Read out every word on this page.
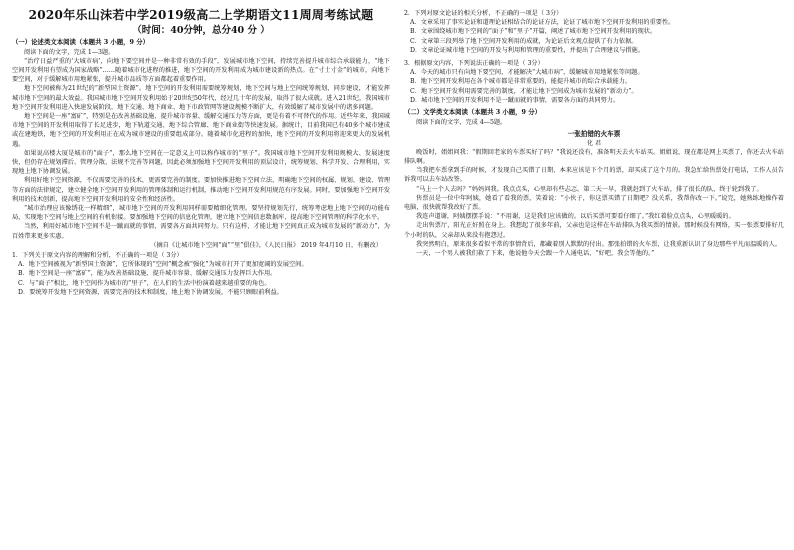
2020年乐山沫若中学2019级高二上学期语文11周周考练试题
（时间：40分钟，总分40 分 ）

（一）论述类文本阅读（本题共 3 小题，9 分）

阅读下面的文字，完成 1—3题。

“治疗日益严重的‘大城市病’，向地下要空间并是一种非常有效的手段”，发展城市地下空间，持续完善提升城市综合承载能力，“地下空间开发利用有望成为国家战略”……随着城市化进程的推进，地下空间的开发利用成为城市建设新的热点。在“寸土寸金”的城市，向地下要空间，对于缓解城市用地紧张，提升城市品质等方面都起着重要作用。

地下空间被称为21世纪的“新型国土资源”。地下空间的开发利用需要统筹规划，地下空间与地上空间统筹规划，同步建设，才能发挥城市地下空间的最大效益。我国城市地下空间开发利用始于20世纪50年代，经过几十年的发展，取得了很大成就。进入21世纪，我国城市地下空间开发利用进入快速发展阶段，地下交通、地下商业、地下市政管网等建设规模不断扩大，有效缓解了城市发展中的诸多问题。

地下空间是一座“富矿”，特别是在改善基础设施、提升城市容量、缓解交通压力等方面，更是有着不可替代的作用。近些年来，我国城市地下空间的开发利用取得了长足进步，地下轨道交通、地下综合管廊、地下商业街等快速发展。据统计，目前我国已有40多个城市建成或在建地铁，地下空间的开发利用正在成为城市建设的重要组成部分。随着城市化进程的加快，地下空间的开发利用将迎来更大的发展机遇。

如果说高楼大厦是城市的“面子”，那么地下空间在一定意义上可以称作城市的“里子”。我国城市地下空间开发利用规模大、发展速度快，但仍存在规划滞后、管理分散、法规不完善等问题，因此必须加强地下空间开发利用的顶层设计，统筹规划、科学开发、合理利用，实现地上地下协调发展。

利用好地下空间资源，不仅需要完善的技术，更需要完善的制度。要加快推进地下空间立法，明确地下空间的权属、规划、建设、管理等方面的法律规定，建立健全地下空间开发利用的管理体制和运行机制，推动地下空间开发利用规范有序发展。同时，要加强地下空间开发利用的技术创新，提高地下空间开发利用的安全性和经济性。

“城市治理应该像绣花一样精细”，城市地下空间的开发利用同样需要精细化管理。要坚持规划先行，统筹考虑地上地下空间的功能布局，实现地下空间与地上空间的有机衔接。要加强地下空间的信息化管理，建立地下空间信息数据库，提高地下空间管理的科学化水平。

当然，利用好城市地下空间不是一蹴而就的事情，需要各方面共同努力。只有这样，才能让地下空间真正成为城市发展的“新动力”，为百姓带来更多实惠。

（摘自《让城市地下空间“面”“里”俱佳》，《人民日报》 2019 年4月10 日，有删改）

1．下列关于原文内容的理解和分析，不正确的一项是（ 3分）

A．地下空间被视为“新型国土资源”，它所体现的“空间”概念被“强化”为城市打开了更加宽阔的发展空间。

B．地下空间是一座“富矿”，能为改善基础设施、提升城市容量、缓解交通压力发挥巨大作用。

C．与“面子”相比，地下空间作为城市的“里子”，在人们的生活中扮演着越来越重要的角色。

D．要统筹开发地下空间资源，需要完善的技术和制度，地上地下协调发展，不能只顾眼前利益。

2．下列对原文论证的相关分析，不正确的一项是（ 3分）

A．文章采用了事实论证和道理论证相结合的论证方法，论证了城市地下空间开发利用的重要性。

B．文章围绕城市地下空间的“面子”和“里子”开篇，阐述了城市地下空间开发利用的现状。

C．文章第三段列举了地下空间开发利用的成就，为论证后文观点提供了有力依据。

D．文章论证城市地下空间的开发与利用和管理的重要性，并提出了合理建议与措施。

3．根据原文内容，下列说法正确的一项是（ 3分）

A．今天的城市只有向地下要空间，才能解决“大城市病”，缓解城市用地紧张等问题。

B．地下空间开发利用在各个城市都是非常重要的，能提升城市的综合承载能力。

C．地下空间开发利用需要完善的制度，才能让地下空间成为城市发展的“新动力”。

D．城市地下空间的开发利用不是一蹴而就的事情，需要各方面的共同努力。

（二）文学类文本阅读（本题共 3 小题，9 分）

阅读下面的文字，完成 4—5题。

一张拍错的火车票

化 君

晚饭时，姐姐问我：“假期回老家的车票买好了吗？”我说还没有，准备明天去火车站买。姐姐说，现在都是网上买票了，你还去火车站排队啊。

当我把车票拿到手的时候，才发现自己买错了日期，本来应该是下个月的票，却买成了这个月的。我急忙给售票处打电话，工作人员告诉我可以去车站改签。

“马上一个人去吗？”妈妈问我。我点点头，心里却有些忐忑。第二天一早，我就赶到了火车站，排了很长的队，终于轮到我了。

售票员是一位中年阿姨，她看了看我的票，笑着说：“小伙子，你这票买错了日期吧？没关系，我帮你改一下。”说完，她熟练地操作着电脑，很快就帮我改好了票。

我连声道谢，阿姨摆摆手说：“不用谢，这是我们应该做的。以后买票可要看仔细了。”我红着脸点点头，心里暖暖的。

走出售票厅，阳光正好照在身上。我想起了很多年前，父亲也是这样在车站排队为我买票的情景。那时候没有网络，买一张票要排好几个小时的队，父亲却从来没有抱怨过。

我突然明白，原来很多看似平常的事情背后，都藏着别人默默的付出。那张拍错的火车票，让我重新认识了身边那些平凡而温暖的人。

一天，一个男人被我们救了下来，他说他今天会跟一个人通电话，“好吧，我会等他的。”
